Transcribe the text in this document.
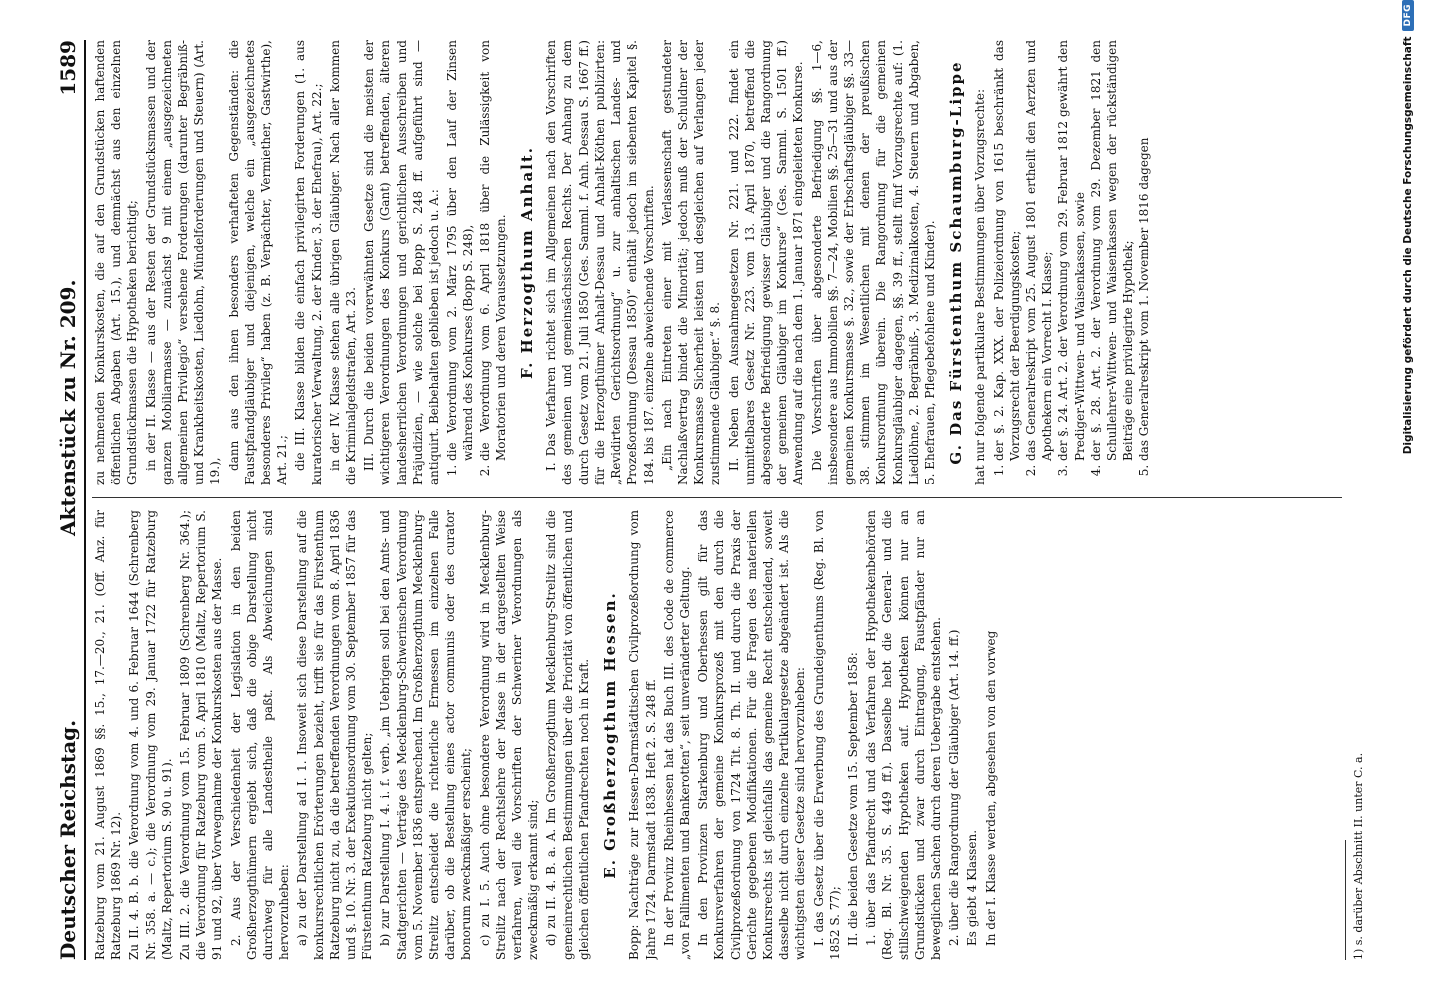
Deutscher Reichstag.
Aktenstück zu Nr. 209.
1589

Ratzeburg vom 21. August 1869 §§. 15., 17.—20., 21. (Off. Anz. für Ratzeburg 1869 Nr. 12). Zu II. 4. B. b. die Verordnung vom 4. und 6. Februar 1644 (Schrenberg Nr. 358. a. — c.); die Verordnung vom 29. Januar 1722 für Ratzeburg (Maltz, Repertorium S. 90 u. 91). Zu III. 2. die Verordnung vom 15. Februar 1809 (Schrenberg Nr. 364.); die Verordnung für Ratzeburg vom 5. April 1810 (Maltz, Repertorium S. 91 und 92, über Vorwegnahme der Konkurskosten aus der Masse. 2. Aus der Verschiedenheit der Legislation in den beiden Großherzogthümern ergiebt sich, daß die obige Darstellung nicht durchweg für alle Landestheile paßt. Als Abweichungen sind hervorzuheben: a) zu der Darstellung ad I. 1. Insoweit sich diese Darstellung auf die konkursrechtlichen Erörterungen bezieht, trifft sie für das Fürstenthum Ratzeburg nicht zu, da die betreffenden Verordnungen vom 8. April 1836 und §. 10. Nr. 3. der Exekutionsordnung vom 30. September 1857 für das Fürstenthum Ratzeburg nicht gelten; b) zur Darstellung I. 4. i. f. verb. „im Uebrigen soll bei den Amts- und Stadtgerichten — Verträge des Mecklenburg-Schwerinschen Verordnung vom 5. November 1836 entsprechend. Im Großherzogthum Mecklenburg-Strelitz entscheidet die richterliche Ermessen im einzelnen Falle darüber, ob die Bestellung eines actor communis oder des curator bonorum zweckmäßiger erscheint; c) zu I. 5. Auch ohne besondere Verordnung wird in Mecklenburg-Strelitz nach der Rechtslehre der Masse in der dargestellten Weise verfahren, weil die Vorschriften der Schweriner Verordnungen als zweckmäßig erkannt sind; d) zu II. 4. B. a. A. Im Großherzogthum Mecklenburg-Strelitz sind die gemeinrechtlichen Bestimmungen über die Priorität von öffentlichen und gleichen öffentlichen Pfandrechten noch in Kraft. E. Großherzogthum Hessen. Bopp: Nachträge zur Hessen-Darmstädtischen Civilprozeßordnung vom Jahre 1724. Darmstadt 1838. Heft 2. S. 248 ff. In der Provinz Rheinhessen hat das Buch III. des Code de commerce „von Fallimenten und Bankerotten“, seit unveränderter Geltung. In den Provinzen Starkenburg und Oberhessen gilt für das Konkursverfahren der gemeine Konkursprozeß mit den durch die Civilprozeßordnung von 1724 Tit. 8. Th. II. und durch die Praxis der Gerichte gegebenen Modifikationen. Für die Fragen des materiellen Konkursrechts ist gleichfalls das gemeine Recht entscheidend, soweit dasselbe nicht durch einzelne Partikulargesetze abgeändert ist. Als die wichtigsten dieser Gesetze sind hervorzuheben: I. das Gesetz über die Erwerbung des Grundeigenthums (Reg. Bl. von 1852 S. 77); II. die beiden Gesetze vom 15. September 1858: 1. über das Pfandrecht und das Verfahren der Hypothekenbehörden (Reg. Bl. Nr. 35. S. 449 ff.). Dasselbe hebt die General- und die stillschweigenden Hypotheken auf. Hypotheken können nur an Grundstücken und zwar durch Eintragung, Faustpfänder nur an beweglichen Sachen durch deren Uebergabe entstehen. 2. über die Rangordnung der Gläubiger (Art. 14. ff.) Es giebt 4 Klassen. In der I. Klasse werden, abgesehen von den vorweg

zu nehmenden Konkurskosten, die auf den Grundstücken haftenden öffentlichen Abgaben (Art. 15.), und demnächst aus den einzelnen Grundstückmassen die Hypotheken berichtigt; in der II. Klasse — aus der Resten der Grundstücksmassen und der ganzen Mobiliarmasse — zunächst 9 mit einem „ausgezeichneten allgemeinen Privilegio“ versehene Forderungen (darunter Begräbniß- und Krankheitskosten, Liedlohn, Mündelforderungen und Steuern) (Art. 19.),

dann aus den ihnen besonders verhafteten Gegenständen: die Faustpfandgläubiger und diejenigen, welche ein „ausgezeichnetes besonderes Privileg“ haben (z. B. Verpächter, Vermiether, Gastwirthe), Art. 21.; die III. Klasse bilden die einfach privilegirten Forderungen (1. aus kuratorischer Verwaltung, 2. der Kinder, 3. der Ehefrau), Art. 22.; in der IV. Klasse stehen alle übrigen Gläubiger. Nach aller kommen die Kriminalgeldstrafen, Art. 23. III. Durch die beiden vorerwähnten Gesetze sind die meisten der wichtigeren Verordnungen des Konkurs (Gant) betreffenden, älteren landesherrlichen Verordnungen und gerichtlichen Ausschreiben und Präjudizien, — wie solche bei Bopp S. 248 ff. aufgeführt sind — antiquirt. Beibehalten geblieben ist jedoch u. A.: 1. die Verordnung vom 2. März 1795 über den Lauf der Zinsen während des Konkurses (Bopp S. 248), 2. die Verordnung vom 6. April 1818 über die Zulässigkeit von Moratorien und deren Voraussetzungen. F. Herzogthum Anhalt. I. Das Verfahren richtet sich im Allgemeinen nach den Vorschriften des gemeinen und gemeinsächsischen Rechts. Der Anhang zu dem durch Gesetz vom 21. Juli 1850 (Ges. Samml. f. Anh. Dessau S. 1667 ff.) für die Herzogthümer Anhalt-Dessau und Anhalt-Köthen publizirten: „Revidirten Gerichtsordnung“ u. zur anhaltischen Landes- und Prozeßordnung (Dessau 1850)“ enthält jedoch im siebenten Kapitel §. 184. bis 187. einzelne abweichende Vorschriften. „Ein nach Eintreten einer mit Verlassenschaft gestundeter Nachlaßvertrag bindet die Minorität; jedoch muß der Schuldner der Konkursmasse Sicherheit leisten und desgleichen auf Verlangen jeder zustimmende Gläubiger.“ §. 8. II. Neben den Ausnahmegesetzen Nr. 221. und 222. findet ein unmittelbares Gesetz Nr. 223. vom 13. April 1870, betreffend die abgesonderte Befriedigung gewisser Gläubiger und die Rangordnung der gemeinen Gläubiger im Konkurse“ (Ges. Samml. S. 1501 ff.) Anwendung auf die nach dem 1. Januar 1871 eingeleiteten Konkurse. Die Vorschriften über abgesonderte Befriedigung §§. 1—6, insbesondere aus Immobilien §§. 7—24, Mobilien §§. 25—31 und aus der gemeinen Konkursmasse §. 32., sowie der Erbschaftsgläubiger §§. 33—38. stimmen im Wesentlichen mit denen der preußischen Konkursordnung überein. Die Rangordnung für die gemeinen Konkursgläubiger dagegen, §§. 39 ff., stellt fünf Vorzugsrechte auf: (1. Liedlöhne, 2. Begräbniß-, 3. Medizinalkosten, 4. Steuern und Abgaben, 5. Ehefrauen, Pflegebefohlene und Kinder). G. Das Fürstenthum Schaumburg-Lippe hat nur folgende partikulare Bestimmungen über Vorzugsrechte: 1. der §. 2. Kap. XXX. der Polizeiordnung von 1615 beschränkt das Vorzugsrecht der Beerdigungskosten; 2. das Generalreskript vom 25. August 1801 ertheilt den Aerzten und Apothekern ein Vorrecht I. Klasse; 3. der §. 24. Art. 2. der Verordnung vom 29. Februar 1812 gewährt den Prediger-Wittwen- und Waisenkassen, sowie 4. der §. 28. Art. 2. der Verordnung vom 29. Dezember 1821 den Schullehrer-Wittwen- und Waisenkassen wegen der rückständigen Beiträge eine privilegirte Hypothek; 5. das Generalreskript vom 1. November 1816 dagegen
1) s. darüber Abschnitt II. unter C. a.
Digitalisierung gefördert durch die Deutsche Forschungsgemeinschaft
DFG
